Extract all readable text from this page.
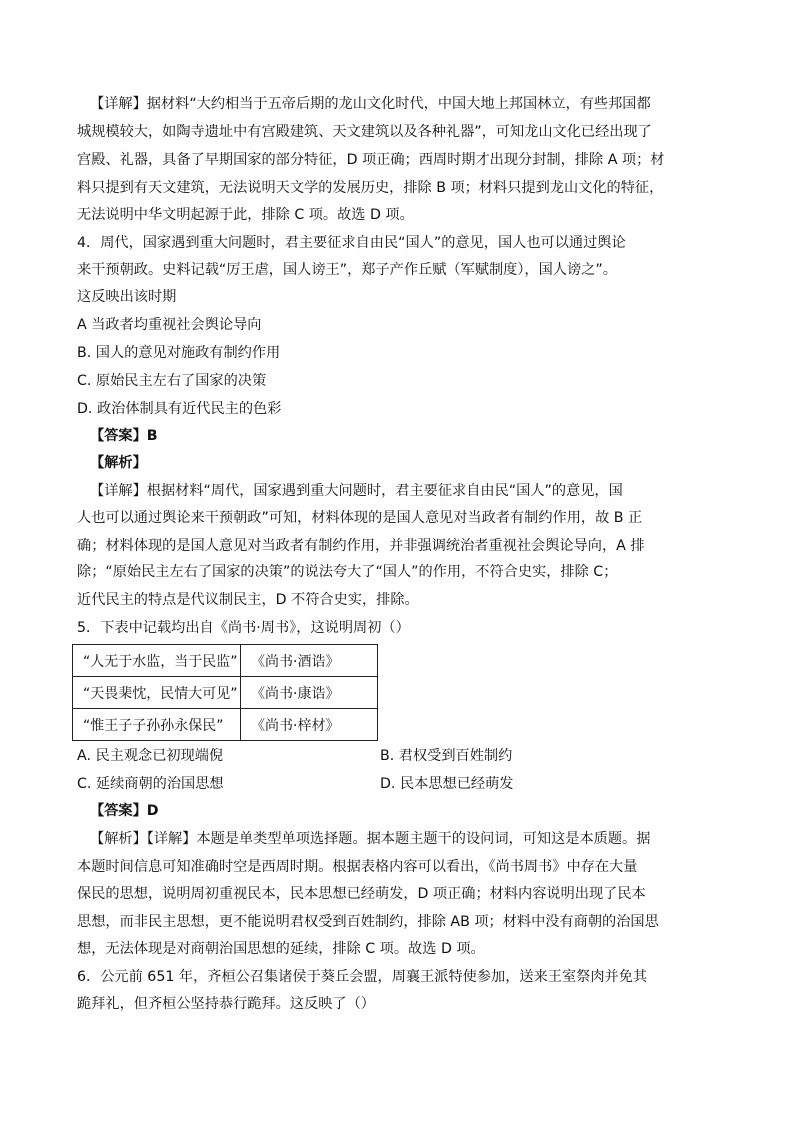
【详解】据材料“大约相当于五帝后期的龙山文化时代，中国大地上邦国林立，有些邦国都
城规模较大，如陶寺遗址中有宫殿建筑、天文建筑以及各种礼器”，可知龙山文化已经出现了
宫殿、礼器，具备了早期国家的部分特征，D 项正确；西周时期才出现分封制，排除 A 项；材
料只提到有天文建筑，无法说明天文学的发展历史，排除 B 项；材料只提到龙山文化的特征，
无法说明中华文明起源于此，排除 C 项。故选 D 项。
4．周代，国家遇到重大问题时，君主要征求自由民“国人”的意见，国人也可以通过舆论
来干预朝政。史料记载“厉王虐，国人谤王”，郑子产作丘赋（军赋制度），国人谤之”。
这反映出该时期
A 当政者均重视社会舆论导向
B. 国人的意见对施政有制约作用
C. 原始民主左右了国家的决策
D. 政治体制具有近代民主的色彩
【答案】B
【解析】
【详解】根据材料“周代，国家遇到重大问题时，君主要征求自由民“国人”的意见，国
人也可以通过舆论来干预朝政”可知，材料体现的是国人意见对当政者有制约作用，故 B 正
确；材料体现的是国人意见对当政者有制约作用，并非强调统治者重视社会舆论导向，A 排
除；“原始民主左右了国家的决策”的说法夸大了“国人”的作用，不符合史实，排除 C；
近代民主的特点是代议制民主，D 不符合史实，排除。
5．下表中记载均出自《尚书·周书》，这说明周初（）
“人无于水监，当于民监”	《尚书·酒诰》
“天畏棐忱，民情大可见”	《尚书·康诰》
“惟王子子孙孙永保民”	《尚书·梓材》
A. 民主观念已初现端倪	B. 君权受到百姓制约
C. 延续商朝的治国思想	D. 民本思想已经萌发
【答案】D
【解析】【详解】本题是单类型单项选择题。据本题主题干的设问词，可知这是本质题。据
本题时间信息可知准确时空是西周时期。根据表格内容可以看出，《尚书周书》中存在大量
保民的思想，说明周初重视民本，民本思想已经萌发，D 项正确；材料内容说明出现了民本
思想，而非民主思想，更不能说明君权受到百姓制约，排除 AB 项；材料中没有商朝的治国思
想，无法体现是对商朝治国思想的延续，排除 C 项。故选 D 项。
6．公元前 651 年，齐桓公召集诸侯于葵丘会盟，周襄王派特使参加，送来王室祭肉并免其
跪拜礼，但齐桓公坚持恭行跪拜。这反映了（）
